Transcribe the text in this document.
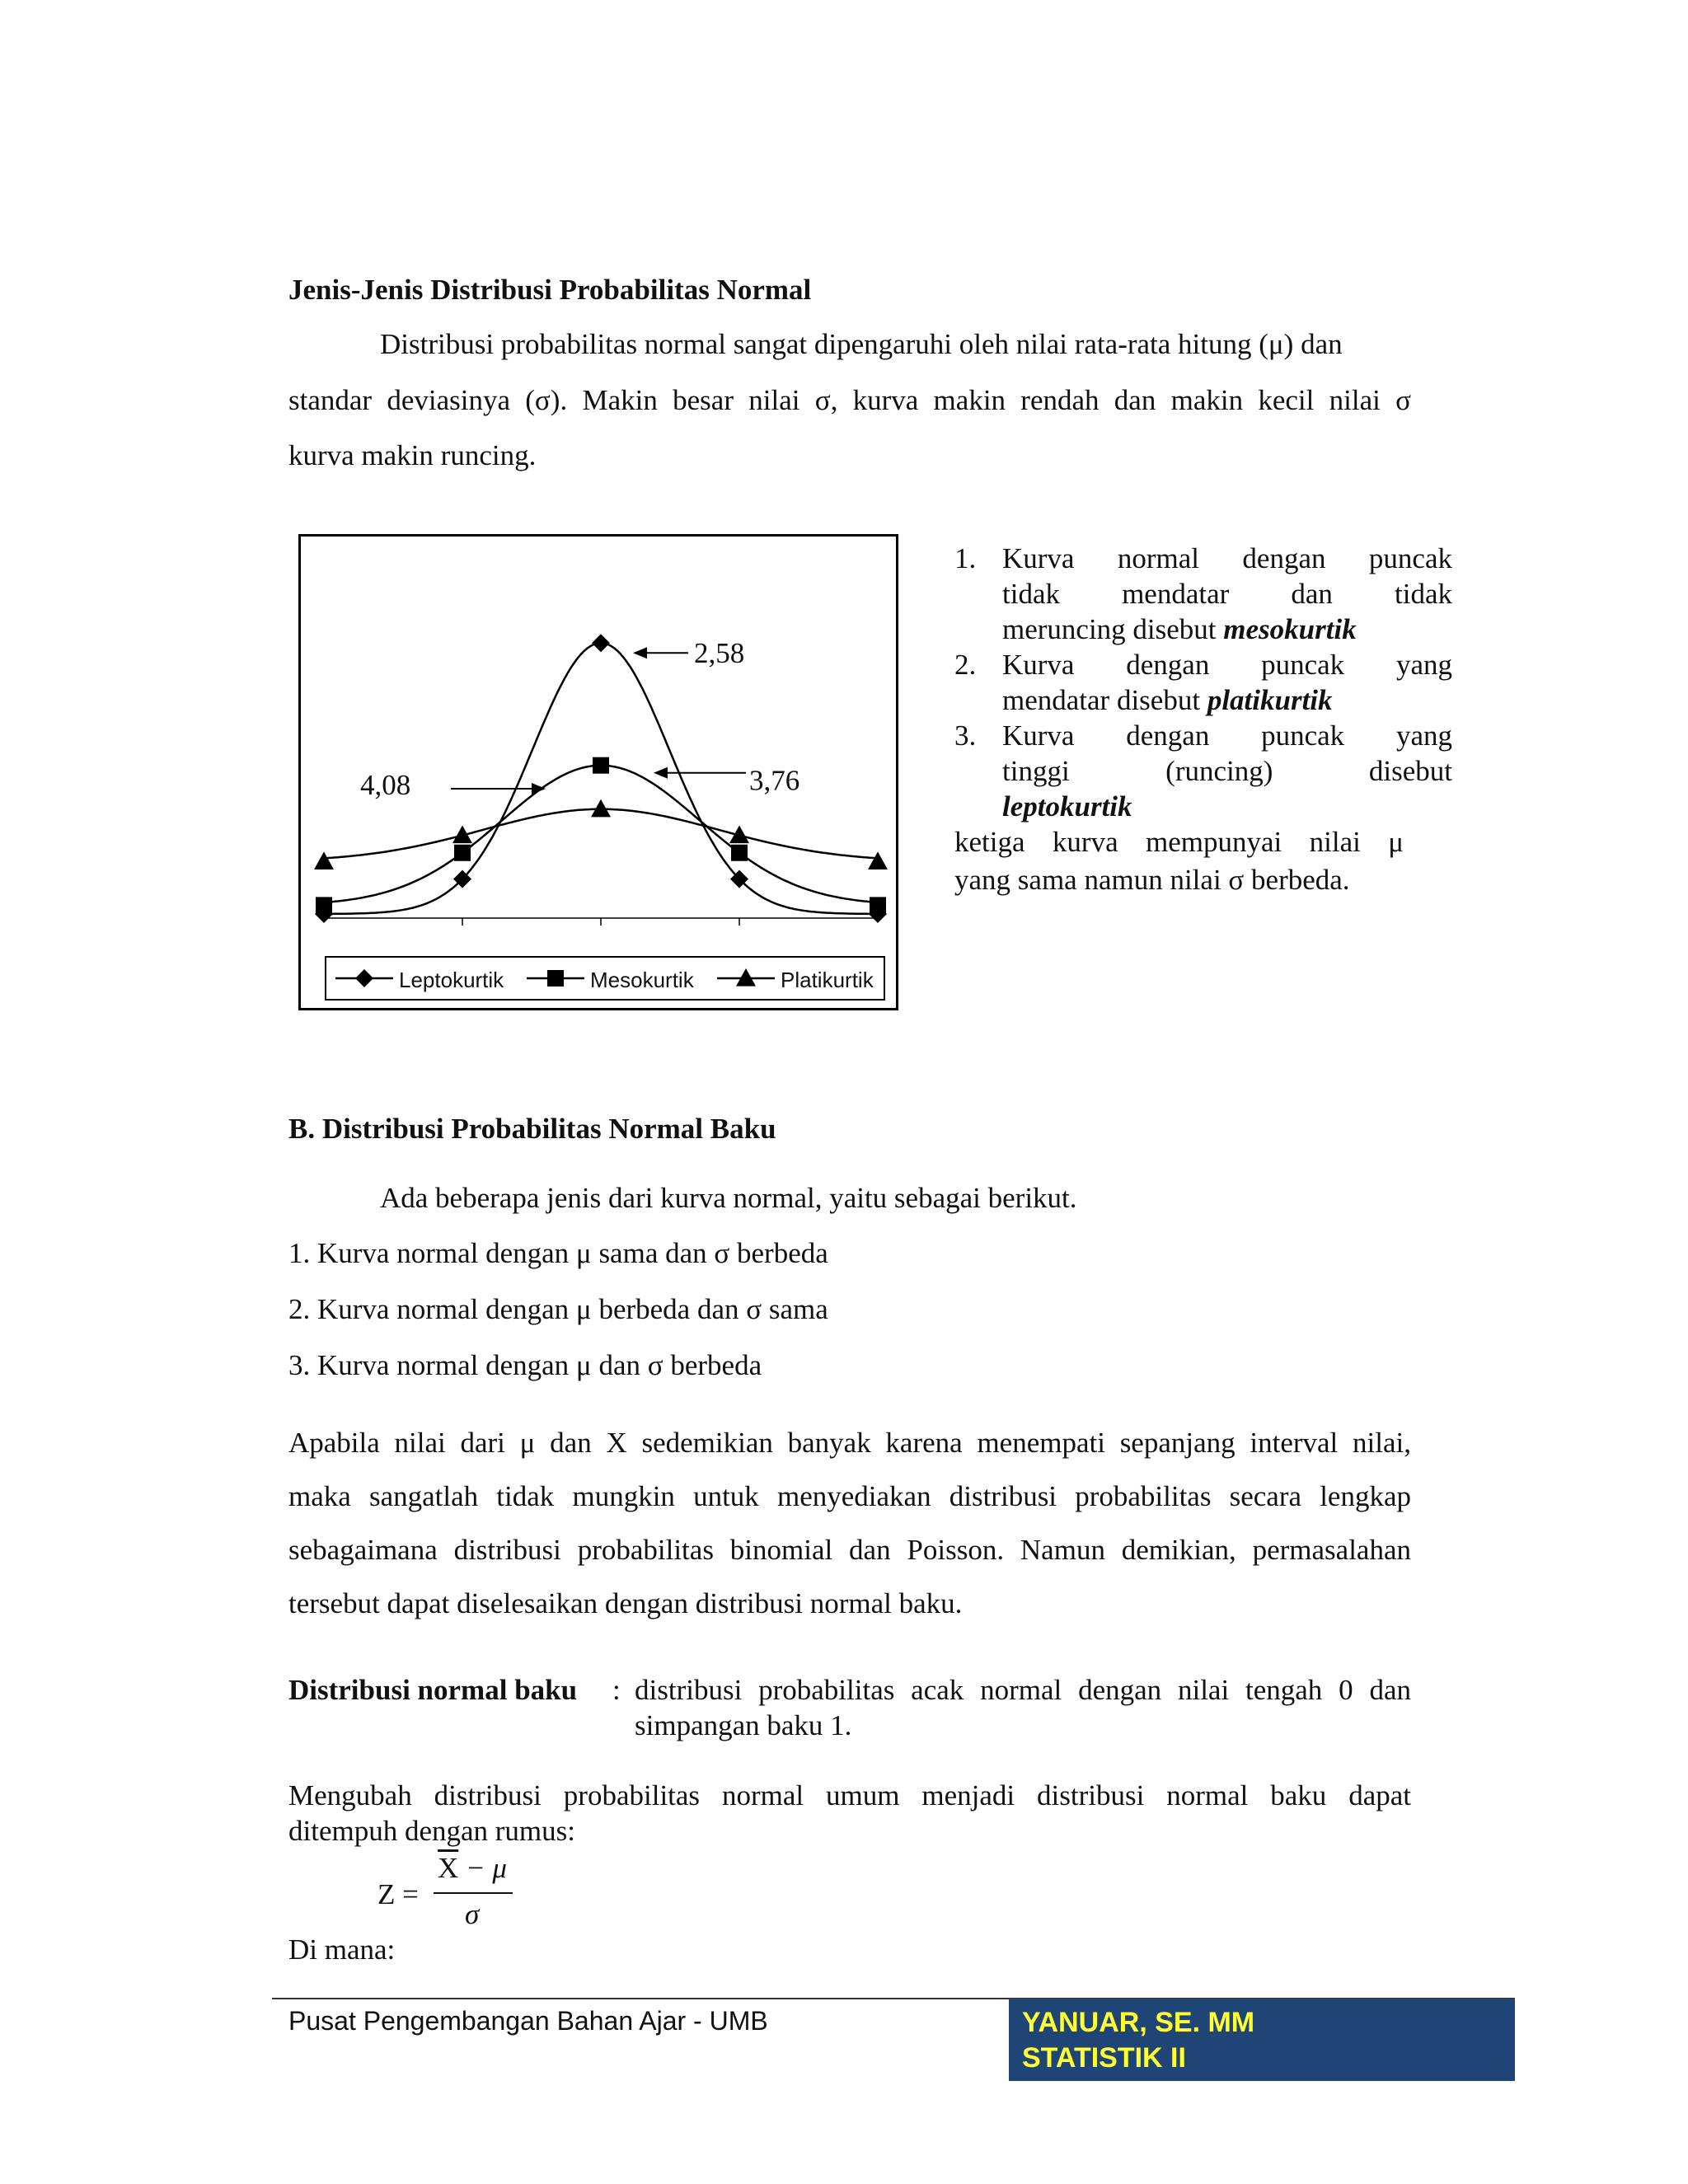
Jenis-Jenis Distribusi Probabilitas Normal
Distribusi probabilitas normal sangat dipengaruhi oleh nilai rata-rata hitung (μ) dan
standar deviasinya (σ). Makin besar nilai σ, kurva makin rendah dan makin kecil nilai σ
kurva makin runcing.
2,58
3,76
4,08
Leptokurtik	Mesokurtik	Platikurtik
1. Kurva normal dengan puncak
tidak mendatar dan tidak
meruncing disebut mesokurtik
2. Kurva dengan puncak yang
mendatar disebut platikurtik
3. Kurva dengan puncak yang
tinggi (runcing) disebut
leptokurtik
ketiga kurva mempunyai nilai μ
yang sama namun nilai σ berbeda.
B. Distribusi Probabilitas Normal Baku
Ada beberapa jenis dari kurva normal, yaitu sebagai berikut.
1. Kurva normal dengan μ sama dan σ berbeda
2. Kurva normal dengan μ berbeda dan σ sama
3. Kurva normal dengan μ dan σ berbeda
Apabila nilai dari μ dan X sedemikian banyak karena menempati sepanjang interval nilai,
maka sangatlah tidak mungkin untuk menyediakan distribusi probabilitas secara lengkap
sebagaimana distribusi probabilitas binomial dan Poisson. Namun demikian, permasalahan
tersebut dapat diselesaikan dengan distribusi normal baku.
Distribusi normal baku : distribusi probabilitas acak normal dengan nilai tengah 0 dan
simpangan baku 1.
Mengubah distribusi probabilitas normal umum menjadi distribusi normal baku dapat
ditempuh dengan rumus:
Z =
$\overline{X} - \mu$
σ
Di mana:
Pusat Pengembangan Bahan Ajar - UMB	YANUAR, SE. MM
STATISTIK II
